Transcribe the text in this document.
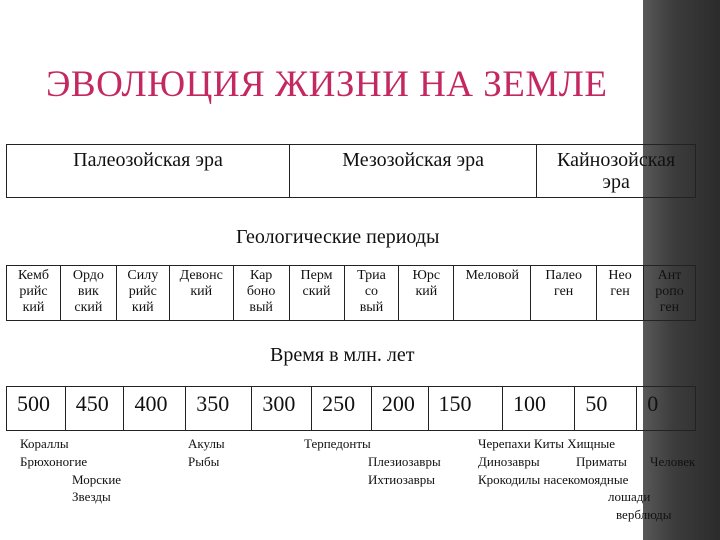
ЭВОЛЮЦИЯ ЖИЗНИ НА ЗЕМЛЕ
Палеозойская эра	Мезозойская эра	Кайнозойская
эра
Геологические периоды
Кемб
рийс
кий	Ордо
вик
ский	Силу
рийс
кий	Девонс
кий	Кар
боно
вый	Перм
ский	Триа
со
вый	Юрс
кий	Меловой	Палео
ген	Нео
ген	Ант
ропо
ген
Время в млн. лет
500	450	400	350	300	250	200	150	100	50	0
Кораллы
Брюхоногие
Морские
Звезды
Акулы
Рыбы
Терпедонты
Плезиозавры
Ихтиозавры
Черепахи Киты Хищные
Динозавры	Приматы Человек
Крокодилы насекомоядные
лошади
верблюды
